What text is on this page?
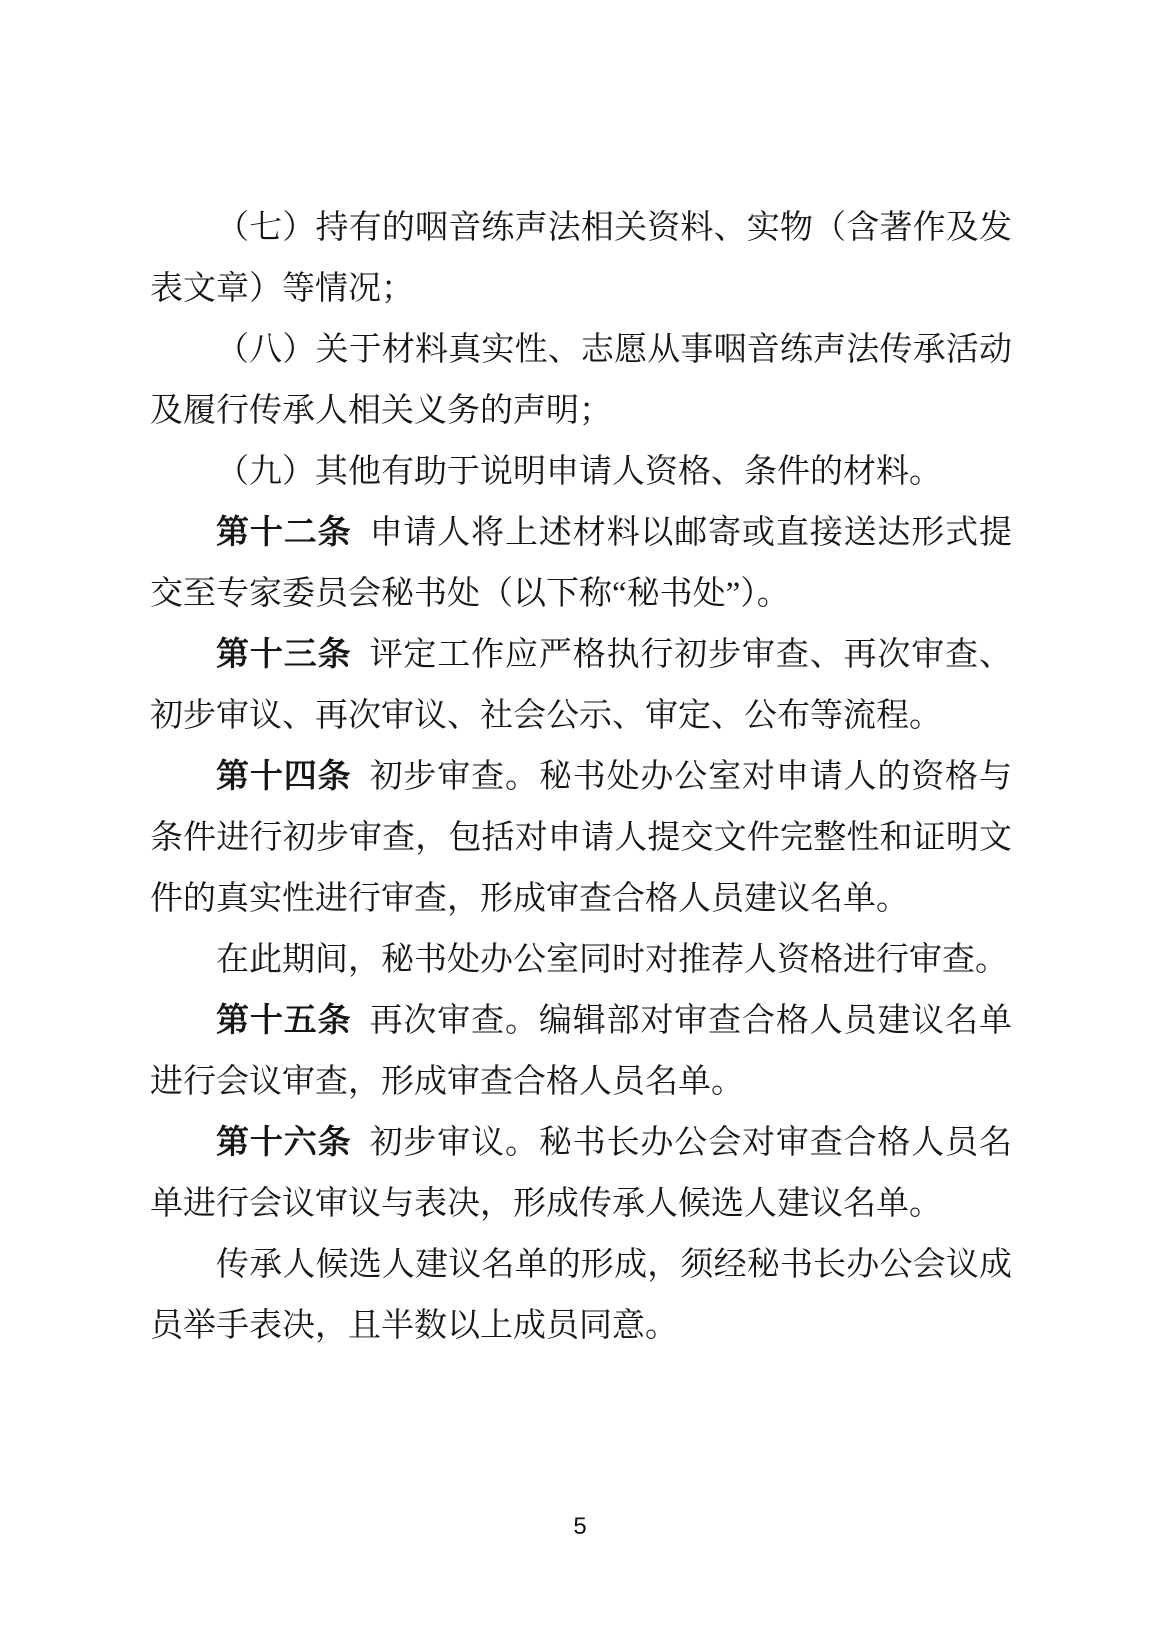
（七）持有的咽音练声法相关资料、实物（含著作及发表文章）等情况；

（八）关于材料真实性、志愿从事咽音练声法传承活动及履行传承人相关义务的声明；

（九）其他有助于说明申请人资格、条件的材料。

第十二条 申请人将上述材料以邮寄或直接送达形式提交至专家委员会秘书处（以下称“秘书处”）。

第十三条 评定工作应严格执行初步审查、再次审查、初步审议、再次审议、社会公示、审定、公布等流程。

第十四条 初步审查。秘书处办公室对申请人的资格与条件进行初步审查，包括对申请人提交文件完整性和证明文件的真实性进行审查，形成审查合格人员建议名单。

在此期间，秘书处办公室同时对推荐人资格进行审查。

第十五条 再次审查。编辑部对审查合格人员建议名单进行会议审查，形成审查合格人员名单。

第十六条 初步审议。秘书长办公会对审查合格人员名单进行会议审议与表决，形成传承人候选人建议名单。

传承人候选人建议名单的形成，须经秘书长办公会议成员举手表决，且半数以上成员同意。

5
